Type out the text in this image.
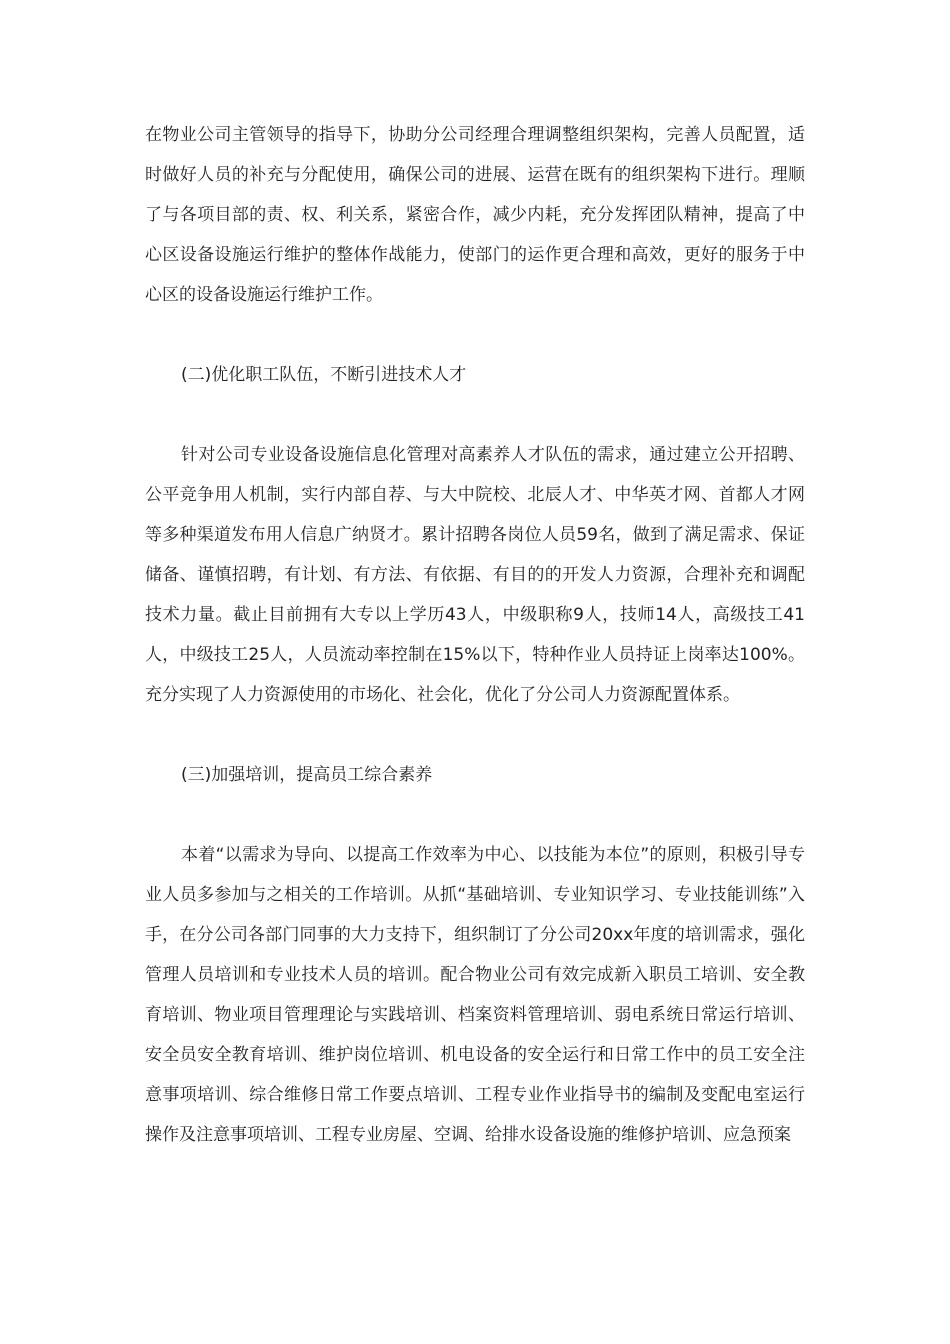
在物业公司主管领导的指导下，协助分公司经理合理调整组织架构，完善人员配置，适时做好人员的补充与分配使用，确保公司的进展、运营在既有的组织架构下进行。理顺了与各项目部的责、权、利关系，紧密合作，减少内耗，充分发挥团队精神，提高了中心区设备设施运行维护的整体作战能力，使部门的运作更合理和高效，更好的服务于中心区的设备设施运行维护工作。

(二)优化职工队伍，不断引进技术人才

针对公司专业设备设施信息化管理对高素养人才队伍的需求，通过建立公开招聘、公平竞争用人机制，实行内部自荐、与大中院校、北辰人才、中华英才网、首都人才网等多种渠道发布用人信息广纳贤才。累计招聘各岗位人员59名，做到了满足需求、保证储备、谨慎招聘，有计划、有方法、有依据、有目的的开发人力资源，合理补充和调配技术力量。截止目前拥有大专以上学历43人，中级职称9人，技师14人，高级技工41人，中级技工25人，人员流动率控制在15%以下，特种作业人员持证上岗率达100%。充分实现了人力资源使用的市场化、社会化，优化了分公司人力资源配置体系。

(三)加强培训，提高员工综合素养

本着“以需求为导向、以提高工作效率为中心、以技能为本位”的原则，积极引导专业人员多参加与之相关的工作培训。从抓“基础培训、专业知识学习、专业技能训练”入手，在分公司各部门同事的大力支持下，组织制订了分公司20xx年度的培训需求，强化管理人员培训和专业技术人员的培训。配合物业公司有效完成新入职员工培训、安全教育培训、物业项目管理理论与实践培训、档案资料管理培训、弱电系统日常运行培训、安全员安全教育培训、维护岗位培训、机电设备的安全运行和日常工作中的员工安全注意事项培训、综合维修日常工作要点培训、工程专业作业指导书的编制及变配电室运行操作及注意事项培训、工程专业房屋、空调、给排水设备设施的维修护培训、应急预案
